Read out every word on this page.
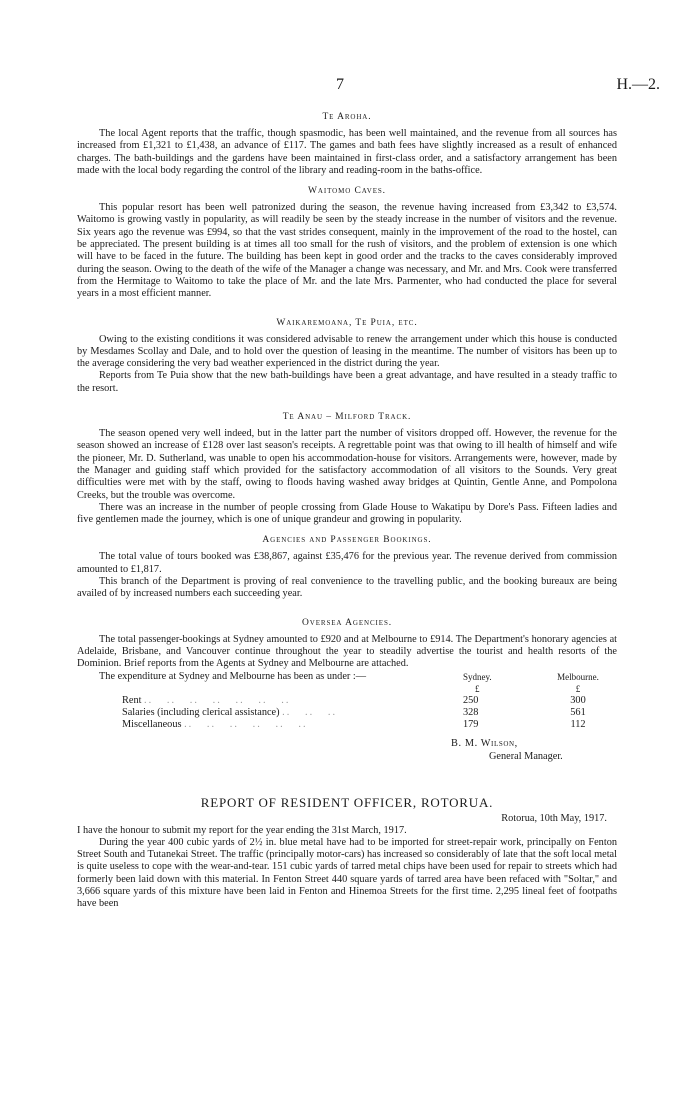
7	H.—2.
Te Aroha.

The local Agent reports that the traffic, though spasmodic, has been well maintained, and the revenue from all sources has increased from £1,321 to £1,438, an advance of £117. The games and bath fees have slightly increased as a result of enhanced charges. The bath-buildings and the gardens have been maintained in first-class order, and a satisfactory arrangement has been made with the local body regarding the control of the library and reading-room in the baths-office.

Waitomo Caves.

This popular resort has been well patronized during the season, the revenue having increased from £3,342 to £3,574. Waitomo is growing vastly in popularity, as will readily be seen by the steady increase in the number of visitors and the revenue. Six years ago the revenue was £994, so that the vast strides consequent, mainly in the improvement of the road to the hostel, can be appreciated. The present building is at times all too small for the rush of visitors, and the problem of extension is one which will have to be faced in the future. The building has been kept in good order and the tracks to the caves considerably improved during the season. Owing to the death of the wife of the Manager a change was necessary, and Mr. and Mrs. Cook were transferred from the Hermitage to Waitomo to take the place of Mr. and the late Mrs. Parmenter, who had conducted the place for several years in a most efficient manner.

Waikaremoana, Te Puia, etc.

Owing to the existing conditions it was considered advisable to renew the arrangement under which this house is conducted by Mesdames Scollay and Dale, and to hold over the question of leasing in the meantime. The number of visitors has been up to the average considering the very bad weather experienced in the district during the year.

Reports from Te Puia show that the new bath-buildings have been a great advantage, and have resulted in a steady traffic to the resort.

Te Anau – Milford Track.

The season opened very well indeed, but in the latter part the number of visitors dropped off. However, the revenue for the season showed an increase of £128 over last season's receipts. A regrettable point was that owing to ill health of himself and wife the pioneer, Mr. D. Sutherland, was unable to open his accommodation-house for visitors. Arrangements were, however, made by the Manager and guiding staff which provided for the satisfactory accommodation of all visitors to the Sounds. Very great difficulties were met with by the staff, owing to floods having washed away bridges at Quintin, Gentle Anne, and Pompolona Creeks, but the trouble was overcome.

There was an increase in the number of people crossing from Glade House to Wakatipu by Dore's Pass. Fifteen ladies and five gentlemen made the journey, which is one of unique grandeur and growing in popularity.

Agencies and Passenger Bookings.

The total value of tours booked was £38,867, against £35,476 for the previous year. The revenue derived from commission amounted to £1,817.

This branch of the Department is proving of real convenience to the travelling public, and the booking bureaux are being availed of by increased numbers each succeeding year.

Oversea Agencies.

The total passenger-bookings at Sydney amounted to £920 and at Melbourne to £914. The Department's honorary agencies at Adelaide, Brisbane, and Vancouver continue throughout the year to steadily advertise the tourist and health resorts of the Dominion. Brief reports from the Agents at Sydney and Melbourne are attached.

The expenditure at Sydney and Melbourne has been as under :—	Sydney.	Melbourne.
	£	£
Rent ..   ..   ..   ..   ..   ..   ..	250	300
Salaries (including clerical assistance) ..   ..   ..	328	561
Miscellaneous ..   ..   ..   ..   ..   ..	179	112
B. M. Wilson,
General Manager.
REPORT OF RESIDENT OFFICER, ROTORUA.
Rotorua, 10th May, 1917.

I have the honour to submit my report for the year ending the 31st March, 1917.

During the year 400 cubic yards of 2½ in. blue metal have had to be imported for street-repair work, principally on Fenton Street South and Tutanekai Street. The traffic (principally motor-cars) has increased so considerably of late that the soft local metal is quite useless to cope with the wear-and-tear. 151 cubic yards of tarred metal chips have been used for repair to streets which had formerly been laid down with this material. In Fenton Street 440 square yards of tarred area have been refaced with "Soltar," and 3,666 square yards of this mixture have been laid in Fenton and Hinemoa Streets for the first time. 2,295 lineal feet of footpaths have been
